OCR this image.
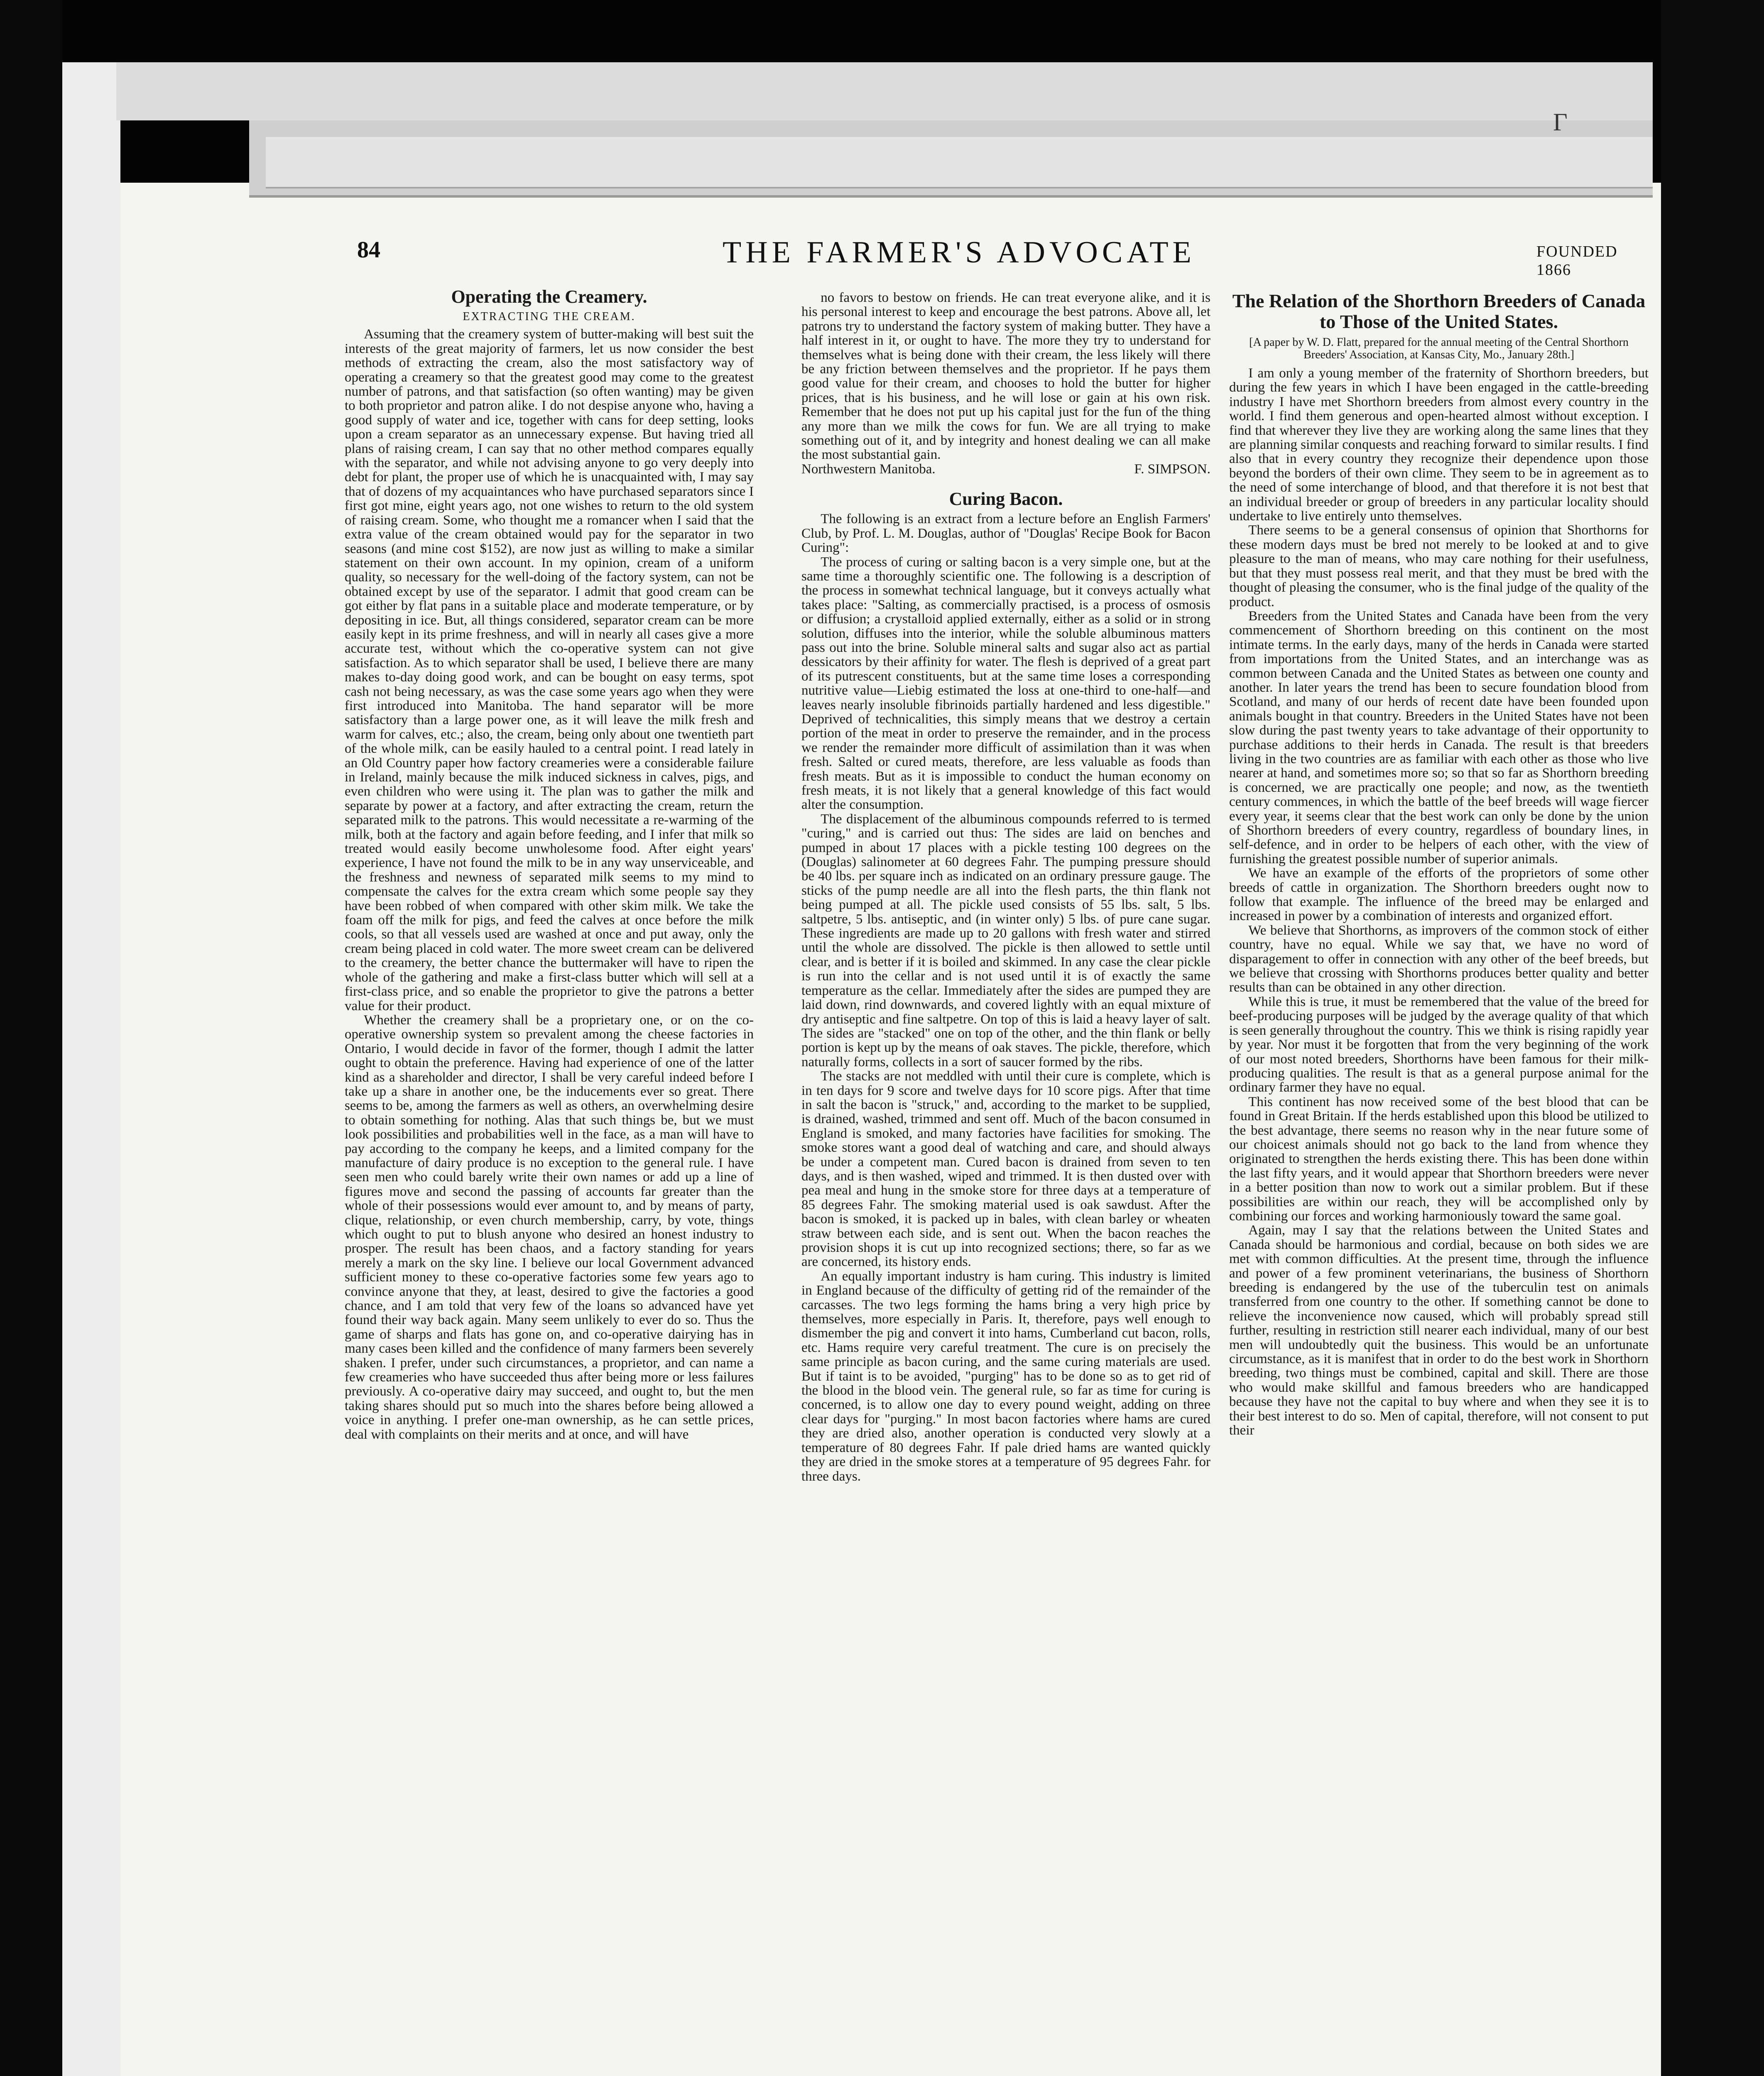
Γ
84	THE FARMER'S ADVOCATE	FOUNDED 1866
Operating the Creamery.
EXTRACTING THE CREAM.

Assuming that the creamery system of butter-making will best suit the interests of the great majority of farmers, let us now consider the best methods of extracting the cream, also the most satisfactory way of operating a creamery so that the greatest good may come to the greatest number of patrons, and that satisfaction (so often wanting) may be given to both proprietor and patron alike. I do not despise anyone who, having a good supply of water and ice, together with cans for deep setting, looks upon a cream separator as an unnecessary expense. But having tried all plans of raising cream, I can say that no other method compares equally with the separator, and while not advising anyone to go very deeply into debt for plant, the proper use of which he is unacquainted with, I may say that of dozens of my acquaintances who have purchased separators since I first got mine, eight years ago, not one wishes to return to the old system of raising cream. Some, who thought me a romancer when I said that the extra value of the cream obtained would pay for the separator in two seasons (and mine cost $152), are now just as willing to make a similar statement on their own account. In my opinion, cream of a uniform quality, so necessary for the well-doing of the factory system, can not be obtained except by use of the separator. I admit that good cream can be got either by flat pans in a suitable place and moderate temperature, or by depositing in ice. But, all things considered, separator cream can be more easily kept in its prime freshness, and will in nearly all cases give a more accurate test, without which the co-operative system can not give satisfaction. As to which separator shall be used, I believe there are many makes to-day doing good work, and can be bought on easy terms, spot cash not being necessary, as was the case some years ago when they were first introduced into Manitoba. The hand separator will be more satisfactory than a large power one, as it will leave the milk fresh and warm for calves, etc.; also, the cream, being only about one twentieth part of the whole milk, can be easily hauled to a central point. I read lately in an Old Country paper how factory creameries were a considerable failure in Ireland, mainly because the milk induced sickness in calves, pigs, and even children who were using it. The plan was to gather the milk and separate by power at a factory, and after extracting the cream, return the separated milk to the patrons. This would necessitate a re-warming of the milk, both at the factory and again before feeding, and I infer that milk so treated would easily become unwholesome food. After eight years' experience, I have not found the milk to be in any way unserviceable, and the freshness and newness of separated milk seems to my mind to compensate the calves for the extra cream which some people say they have been robbed of when compared with other skim milk. We take the foam off the milk for pigs, and feed the calves at once before the milk cools, so that all vessels used are washed at once and put away, only the cream being placed in cold water. The more sweet cream can be delivered to the creamery, the better chance the buttermaker will have to ripen the whole of the gathering and make a first-class butter which will sell at a first-class price, and so enable the proprietor to give the patrons a better value for their product.

Whether the creamery shall be a proprietary one, or on the co-operative ownership system so prevalent among the cheese factories in Ontario, I would decide in favor of the former, though I admit the latter ought to obtain the preference. Having had experience of one of the latter kind as a shareholder and director, I shall be very careful indeed before I take up a share in another one, be the inducements ever so great. There seems to be, among the farmers as well as others, an overwhelming desire to obtain something for nothing. Alas that such things be, but we must look possibilities and probabilities well in the face, as a man will have to pay according to the company he keeps, and a limited company for the manufacture of dairy produce is no exception to the general rule. I have seen men who could barely write their own names or add up a line of figures move and second the passing of accounts far greater than the whole of their possessions would ever amount to, and by means of party, clique, relationship, or even church membership, carry, by vote, things which ought to put to blush anyone who desired an honest industry to prosper. The result has been chaos, and a factory standing for years merely a mark on the sky line. I believe our local Government advanced sufficient money to these co-operative factories some few years ago to convince anyone that they, at least, desired to give the factories a good chance, and I am told that very few of the loans so advanced have yet found their way back again. Many seem unlikely to ever do so. Thus the game of sharps and flats has gone on, and co-operative dairying has in many cases been killed and the confidence of many farmers been severely shaken. I prefer, under such circumstances, a proprietor, and can name a few creameries who have succeeded thus after being more or less failures previously. A co-operative dairy may succeed, and ought to, but the men taking shares should put so much into the shares before being allowed a voice in anything. I prefer one-man ownership, as he can settle prices, deal with complaints on their merits and at once, and will have

no favors to bestow on friends. He can treat everyone alike, and it is his personal interest to keep and encourage the best patrons. Above all, let patrons try to understand the factory system of making butter. They have a half interest in it, or ought to have. The more they try to understand for themselves what is being done with their cream, the less likely will there be any friction between themselves and the proprietor. If he pays them good value for their cream, and chooses to hold the butter for higher prices, that is his business, and he will lose or gain at his own risk. Remember that he does not put up his capital just for the fun of the thing any more than we milk the cows for fun. We are all trying to make something out of it, and by integrity and honest dealing we can all make the most substantial gain.

Northwestern Manitoba.	F. SIMPSON.

Curing Bacon.

The following is an extract from a lecture before an English Farmers' Club, by Prof. L. M. Douglas, author of "Douglas' Recipe Book for Bacon Curing":

The process of curing or salting bacon is a very simple one, but at the same time a thoroughly scientific one. The following is a description of the process in somewhat technical language, but it conveys actually what takes place: "Salting, as commercially practised, is a process of osmosis or diffusion; a crystalloid applied externally, either as a solid or in strong solution, diffuses into the interior, while the soluble albuminous matters pass out into the brine. Soluble mineral salts and sugar also act as partial dessicators by their affinity for water. The flesh is deprived of a great part of its putrescent constituents, but at the same time loses a corresponding nutritive value—Liebig estimated the loss at one-third to one-half—and leaves nearly insoluble fibrinoids partially hardened and less digestible." Deprived of technicalities, this simply means that we destroy a certain portion of the meat in order to preserve the remainder, and in the process we render the remainder more difficult of assimilation than it was when fresh. Salted or cured meats, therefore, are less valuable as foods than fresh meats. But as it is impossible to conduct the human economy on fresh meats, it is not likely that a general knowledge of this fact would alter the consumption.

The displacement of the albuminous compounds referred to is termed "curing," and is carried out thus: The sides are laid on benches and pumped in about 17 places with a pickle testing 100 degrees on the (Douglas) salinometer at 60 degrees Fahr. The pumping pressure should be 40 lbs. per square inch as indicated on an ordinary pressure gauge. The sticks of the pump needle are all into the flesh parts, the thin flank not being pumped at all. The pickle used consists of 55 lbs. salt, 5 lbs. saltpetre, 5 lbs. antiseptic, and (in winter only) 5 lbs. of pure cane sugar. These ingredients are made up to 20 gallons with fresh water and stirred until the whole are dissolved. The pickle is then allowed to settle until clear, and is better if it is boiled and skimmed. In any case the clear pickle is run into the cellar and is not used until it is of exactly the same temperature as the cellar. Immediately after the sides are pumped they are laid down, rind downwards, and covered lightly with an equal mixture of dry antiseptic and fine saltpetre. On top of this is laid a heavy layer of salt. The sides are "stacked" one on top of the other, and the thin flank or belly portion is kept up by the means of oak staves. The pickle, therefore, which naturally forms, collects in a sort of saucer formed by the ribs.

The stacks are not meddled with until their cure is complete, which is in ten days for 9 score and twelve days for 10 score pigs. After that time in salt the bacon is "struck," and, according to the market to be supplied, is drained, washed, trimmed and sent off. Much of the bacon consumed in England is smoked, and many factories have facilities for smoking. The smoke stores want a good deal of watching and care, and should always be under a competent man. Cured bacon is drained from seven to ten days, and is then washed, wiped and trimmed. It is then dusted over with pea meal and hung in the smoke store for three days at a temperature of 85 degrees Fahr. The smoking material used is oak sawdust. After the bacon is smoked, it is packed up in bales, with clean barley or wheaten straw between each side, and is sent out. When the bacon reaches the provision shops it is cut up into recognized sections; there, so far as we are concerned, its history ends.

An equally important industry is ham curing. This industry is limited in England because of the difficulty of getting rid of the remainder of the carcasses. The two legs forming the hams bring a very high price by themselves, more especially in Paris. It, therefore, pays well enough to dismember the pig and convert it into hams, Cumberland cut bacon, rolls, etc. Hams require very careful treatment. The cure is on precisely the same principle as bacon curing, and the same curing materials are used. But if taint is to be avoided, "purging" has to be done so as to get rid of the blood in the blood vein. The general rule, so far as time for curing is concerned, is to allow one day to every pound weight, adding on three clear days for "purging." In most bacon factories where hams are cured they are dried also, another operation is conducted very slowly at a temperature of 80 degrees Fahr. If pale dried hams are wanted quickly they are dried in the smoke stores at a temperature of 95 degrees Fahr. for three days.

The Relation of the Shorthorn Breeders of Canada to Those of the United States.

[A paper by W. D. Flatt, prepared for the annual meeting of the Central Shorthorn Breeders' Association, at Kansas City, Mo., January 28th.]

I am only a young member of the fraternity of Shorthorn breeders, but during the few years in which I have been engaged in the cattle-breeding industry I have met Shorthorn breeders from almost every country in the world. I find them generous and open-hearted almost without exception. I find that wherever they live they are working along the same lines that they are planning similar conquests and reaching forward to similar results. I find also that in every country they recognize their dependence upon those beyond the borders of their own clime. They seem to be in agreement as to the need of some interchange of blood, and that therefore it is not best that an individual breeder or group of breeders in any particular locality should undertake to live entirely unto themselves.

There seems to be a general consensus of opinion that Shorthorns for these modern days must be bred not merely to be looked at and to give pleasure to the man of means, who may care nothing for their usefulness, but that they must possess real merit, and that they must be bred with the thought of pleasing the consumer, who is the final judge of the quality of the product.

Breeders from the United States and Canada have been from the very commencement of Shorthorn breeding on this continent on the most intimate terms. In the early days, many of the herds in Canada were started from importations from the United States, and an interchange was as common between Canada and the United States as between one county and another. In later years the trend has been to secure foundation blood from Scotland, and many of our herds of recent date have been founded upon animals bought in that country. Breeders in the United States have not been slow during the past twenty years to take advantage of their opportunity to purchase additions to their herds in Canada. The result is that breeders living in the two countries are as familiar with each other as those who live nearer at hand, and sometimes more so; so that so far as Shorthorn breeding is concerned, we are practically one people; and now, as the twentieth century commences, in which the battle of the beef breeds will wage fiercer every year, it seems clear that the best work can only be done by the union of Shorthorn breeders of every country, regardless of boundary lines, in self-defence, and in order to be helpers of each other, with the view of furnishing the greatest possible number of superior animals.

We have an example of the efforts of the proprietors of some other breeds of cattle in organization. The Shorthorn breeders ought now to follow that example. The influence of the breed may be enlarged and increased in power by a combination of interests and organized effort.

We believe that Shorthorns, as improvers of the common stock of either country, have no equal. While we say that, we have no word of disparagement to offer in connection with any other of the beef breeds, but we believe that crossing with Shorthorns produces better quality and better results than can be obtained in any other direction.

While this is true, it must be remembered that the value of the breed for beef-producing purposes will be judged by the average quality of that which is seen generally throughout the country. This we think is rising rapidly year by year. Nor must it be forgotten that from the very beginning of the work of our most noted breeders, Shorthorns have been famous for their milk-producing qualities. The result is that as a general purpose animal for the ordinary farmer they have no equal.

This continent has now received some of the best blood that can be found in Great Britain. If the herds established upon this blood be utilized to the best advantage, there seems no reason why in the near future some of our choicest animals should not go back to the land from whence they originated to strengthen the herds existing there. This has been done within the last fifty years, and it would appear that Shorthorn breeders were never in a better position than now to work out a similar problem. But if these possibilities are within our reach, they will be accomplished only by combining our forces and working harmoniously toward the same goal.

Again, may I say that the relations between the United States and Canada should be harmonious and cordial, because on both sides we are met with common difficulties. At the present time, through the influence and power of a few prominent veterinarians, the business of Shorthorn breeding is endangered by the use of the tuberculin test on animals transferred from one country to the other. If something cannot be done to relieve the inconvenience now caused, which will probably spread still further, resulting in restriction still nearer each individual, many of our best men will undoubtedly quit the business. This would be an unfortunate circumstance, as it is manifest that in order to do the best work in Shorthorn breeding, two things must be combined, capital and skill. There are those who would make skillful and famous breeders who are handicapped because they have not the capital to buy where and when they see it is to their best interest to do so. Men of capital, therefore, will not consent to put their
